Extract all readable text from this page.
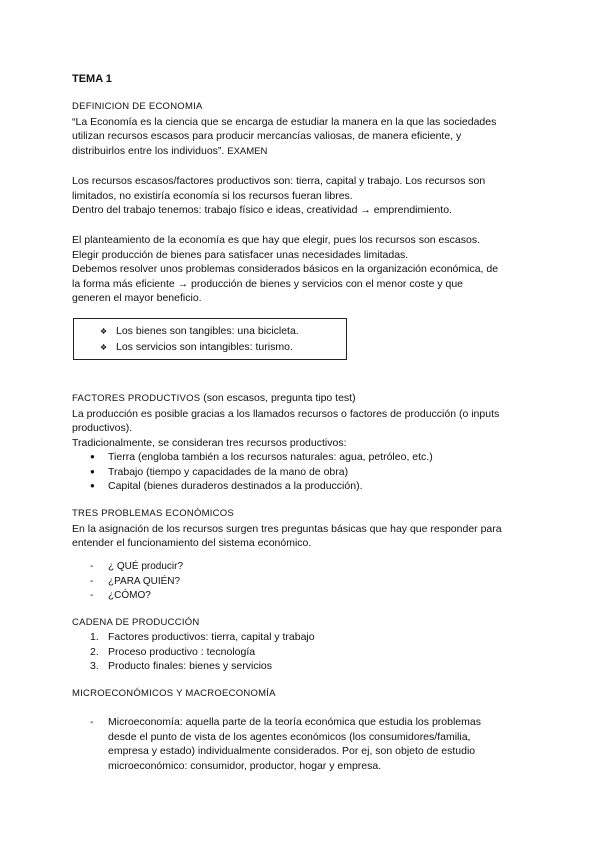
TEMA 1
DEFINICION DE ECONOMIA
“La Economía es la ciencia que se encarga de estudiar la manera en la que las sociedades
utilizan recursos escasos para producir mercancías valiosas, de manera eficiente, y
distribuirlos entre los individuos”. EXAMEN
Los recursos escasos/factores productivos son: tierra, capital y trabajo. Los recursos son
limitados, no existiría economía si los recursos fueran libres.
Dentro del trabajo tenemos: trabajo físico e ideas, creatividad → emprendimiento.
El planteamiento de la economía es que hay que elegir, pues los recursos son escasos.
Elegir producción de bienes para satisfacer unas necesidades limitadas.
Debemos resolver unos problemas considerados básicos en la organización económica, de
la forma más eficiente → producción de bienes y servicios con el menor coste y que
generen el mayor beneficio.
❖ Los bienes son tangibles: una bicicleta.
❖ Los servicios son intangibles: turismo.
FACTORES PRODUCTIVOS (son escasos, pregunta tipo test)
La producción es posible gracias a los llamados recursos o factores de producción (o inputs
productivos).
Tradicionalmente, se consideran tres recursos productivos:
● Tierra (engloba también a los recursos naturales: agua, petróleo, etc.)
● Trabajo (tiempo y capacidades de la mano de obra)
● Capital (bienes duraderos destinados a la producción).
TRES PROBLEMAS ECONÓMICOS
En la asignación de los recursos surgen tres preguntas básicas que hay que responder para
entender el funcionamiento del sistema económico.
- ¿ QUÉ producir?
- ¿PARA QUIÉN?
- ¿CÓMO?
CADENA DE PRODUCCIÓN
1. Factores productivos: tierra, capital y trabajo
2. Proceso productivo : tecnología
3. Producto finales: bienes y servicios
MICROECONÓMICOS Y MACROECONOMÍA
- Microeconomía: aquella parte de la teoría económica que estudia los problemas
desde el punto de vista de los agentes económicos (los consumidores/familia,
empresa y estado) individualmente considerados. Por ej, son objeto de estudio
microeconómico: consumidor, productor, hogar y empresa.
